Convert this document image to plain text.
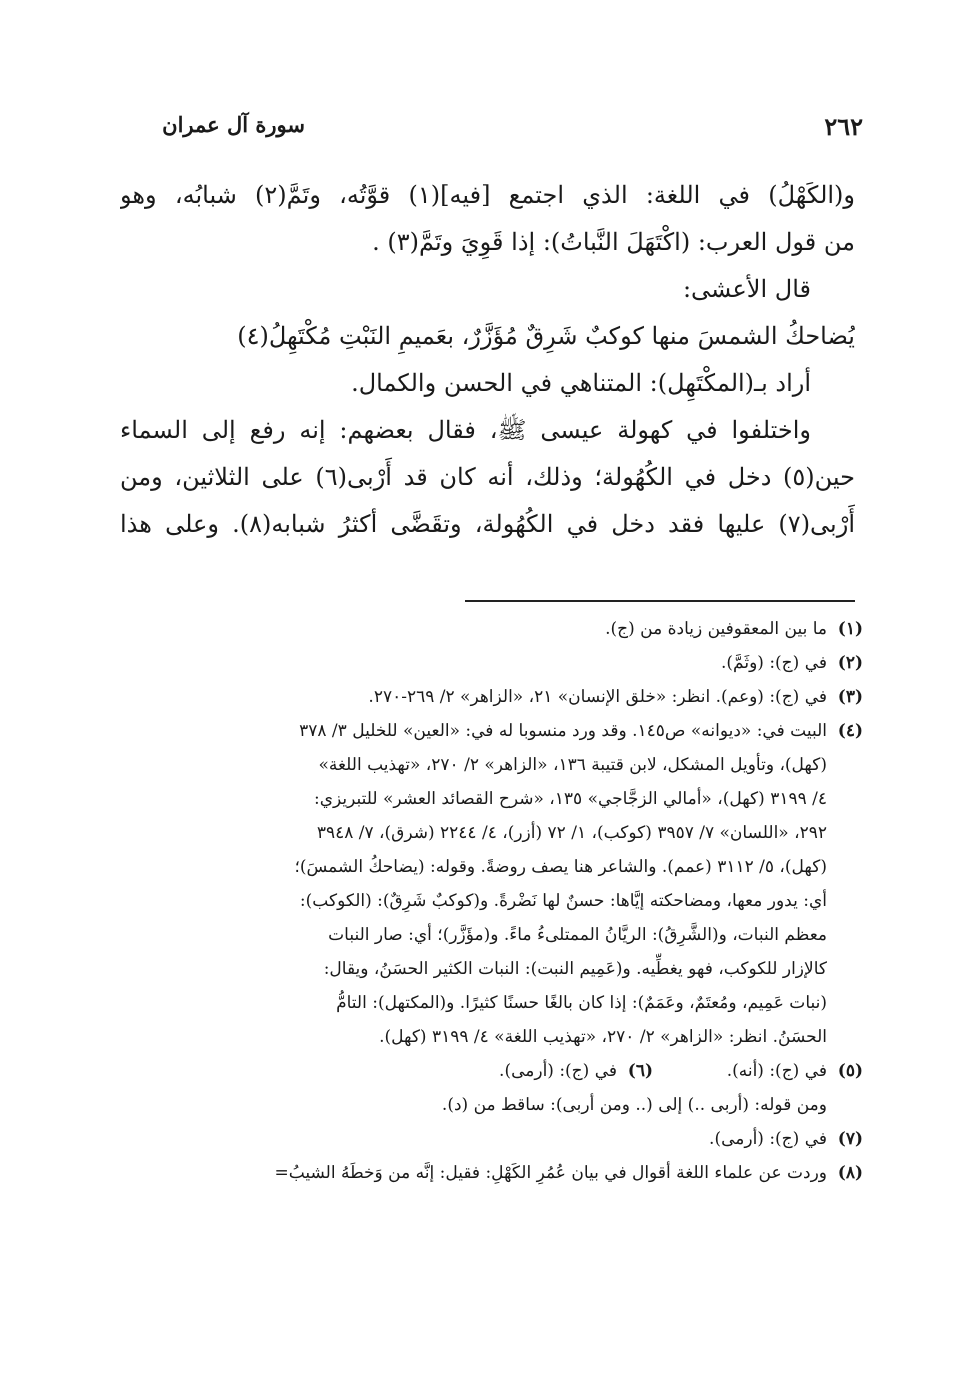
سورة آل عمران	٢٦٢
و(الكَهْلُ) في اللغة: الذي اجتمع [فيه](١) قوَّتُه، وتَمَّ(٢) شبابُه، وهو
من قول العرب: (اكْتَهَلَ النَّباتُ): إذا قَوِيَ وتَمَّ(٣) .
قال الأعشى:
يُضاحكُ الشمسَ منها كوكبٌ شَرِقٌ مُؤَزَّرٌ، بعَميمِ النَبْتِ مُكْتَهِلُ(٤)
أراد بـ(المكْتَهِل): المتناهي في الحسن والكمال.
واختلفوا في كهولة عيسى ﷺ، فقال بعضهم: إنه رفع إلى السماء
حين(٥) دخل في الكُهُولة؛ وذلك، أنه كان قد أَرْبى(٦) على الثلاثين، ومن
أَرْبى(٧) عليها فقد دخل في الكُهُولة، وتقَضَّى أكثرُ شبابه(٨). وعلى هذا
(١)ما بين المعقوفين زيادة من (ج).
(٢)في (ج): (وثَمَّ).
(٣)في (ج): (وعم). انظر: «خلق الإنسان» ٢١، «الزاهر» ٢/ ٢٦٩-٢٧٠.
(٤)البيت في: «ديوانه» ص١٤٥. وقد ورد منسوبا له في: «العين» للخليل ٣/ ٣٧٨
(كهل)، وتأويل المشكل، لابن قتيبة ١٣٦، «الزاهر» ٢/ ٢٧٠، «تهذيب اللغة»
٤/ ٣١٩٩ (كهل)، «أمالي الزجَّاجي» ١٣٥، «شرح القصائد العشر» للتبريزي:
٢٩٢، «اللسان» ٧/ ٣٩٥٧ (كوكب)، ١/ ٧٢ (أزر)، ٤/ ٢٢٤٤ (شرق)، ٧/ ٣٩٤٨
(كهل)، ٥/ ٣١١٢ (عمم). والشاعر هنا يصف روضةً. وقوله: (يضاحكُ الشمسَ)؛
أي: يدور معها، ومضاحكته إيَّاها: حسنٌ لها نَضْرةً. و(كوكبٌ شَرِقٌ): (الكوكب):
معظم النبات، و(الشَّرِقُ): الريَّانُ الممتلىءُ ماءً. و(مؤَزَّر)؛ أي: صار النبات
كالإزار للكوكب، فهو يغطِّيه. و(عَمِيم النبت): النبات الكثير الحسَنُ، ويقال:
(نبات عَمِيم، ومُعتَمٌ، وعَمَمٌ): إذا كان بالغًا حسنًا كثيرًا. و(المكتهل): التامُّ
الحسَنُ. انظر: «الزاهر» ٢/ ٢٧٠، «تهذيب اللغة» ٤/ ٣١٩٩ (كهل).
(٥)في (ج): (أنه).
(٦)في (ج): (أرمى).
ومن قوله: (أربى ..) إلى (.. ومن أربى): ساقط من (د).
(٧)في (ج): (أرمى).
(٨)وردت عن علماء اللغة أقوال في بيان عُمُرِ الكَهْلِ: فقيل: إنَّه من وَخطَهُ الشيبُ=
